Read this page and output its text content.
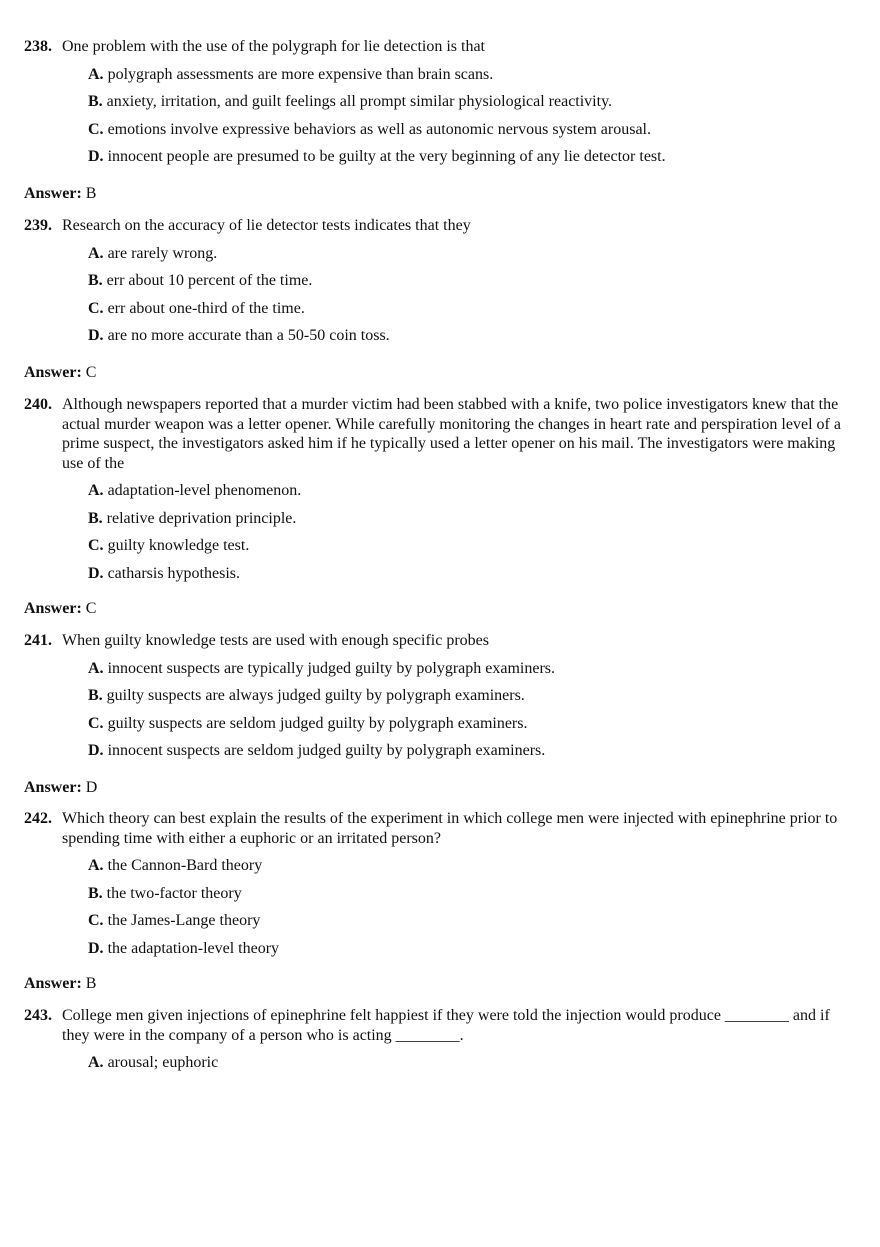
238. One problem with the use of the polygraph for lie detection is that
A. polygraph assessments are more expensive than brain scans.
B. anxiety, irritation, and guilt feelings all prompt similar physiological reactivity.
C. emotions involve expressive behaviors as well as autonomic nervous system arousal.
D. innocent people are presumed to be guilty at the very beginning of any lie detector test.
Answer: B
239. Research on the accuracy of lie detector tests indicates that they
A. are rarely wrong.
B. err about 10 percent of the time.
C. err about one-third of the time.
D. are no more accurate than a 50-50 coin toss.
Answer: C
240. Although newspapers reported that a murder victim had been stabbed with a knife, two police investigators knew that the actual murder weapon was a letter opener. While carefully monitoring the changes in heart rate and perspiration level of a prime suspect, the investigators asked him if he typically used a letter opener on his mail. The investigators were making use of the
A. adaptation-level phenomenon.
B. relative deprivation principle.
C. guilty knowledge test.
D. catharsis hypothesis.
Answer: C
241. When guilty knowledge tests are used with enough specific probes
A. innocent suspects are typically judged guilty by polygraph examiners.
B. guilty suspects are always judged guilty by polygraph examiners.
C. guilty suspects are seldom judged guilty by polygraph examiners.
D. innocent suspects are seldom judged guilty by polygraph examiners.
Answer: D
242. Which theory can best explain the results of the experiment in which college men were injected with epinephrine prior to spending time with either a euphoric or an irritated person?
A. the Cannon-Bard theory
B. the two-factor theory
C. the James-Lange theory
D. the adaptation-level theory
Answer: B
243. College men given injections of epinephrine felt happiest if they were told the injection would produce ________ and if they were in the company of a person who is acting ________.
A. arousal; euphoric
